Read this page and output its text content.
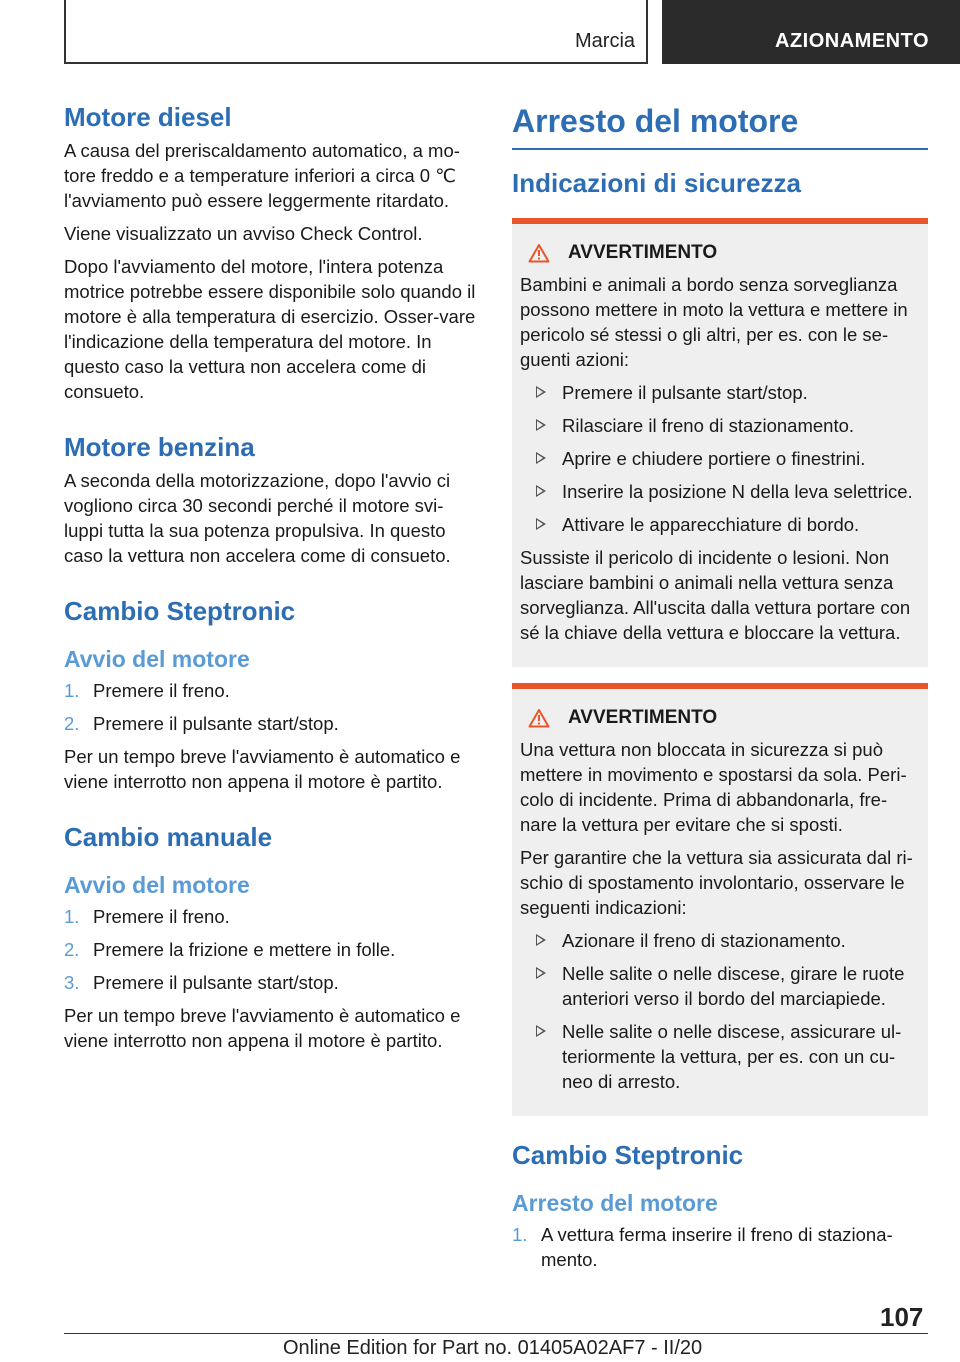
Marcia	AZIONAMENTO
Motore diesel

A causa del preriscaldamento automatico, a mo-tore freddo e a temperature inferiori a circa 0 ℃ l'avviamento può essere leggermente ritardato.

Viene visualizzato un avviso Check Control.

Dopo l'avviamento del motore, l'intera potenza motrice potrebbe essere disponibile solo quando il motore è alla temperatura di esercizio. Osser-vare l'indicazione della temperatura del motore. In questo caso la vettura non accelera come di consueto.

Motore benzina

A seconda della motorizzazione, dopo l'avvio ci vogliono circa 30 secondi perché il motore svi-luppi tutta la sua potenza propulsiva. In questo caso la vettura non accelera come di consueto.

Cambio Steptronic
Avvio del motore
1. Premere il freno.
2. Premere il pulsante start/stop.

Per un tempo breve l'avviamento è automatico e viene interrotto non appena il motore è partito.

Cambio manuale
Avvio del motore
1. Premere il freno.
2. Premere la frizione e mettere in folle.
3. Premere il pulsante start/stop.

Per un tempo breve l'avviamento è automatico e viene interrotto non appena il motore è partito.

Arresto del motore
Indicazioni di sicurezza
AVVERTIMENTO

Bambini e animali a bordo senza sorveglianza possono mettere in moto la vettura e mettere in pericolo sé stessi o gli altri, per es. con le se-guenti azioni:

Premere il pulsante start/stop.
Rilasciare il freno di stazionamento.
Aprire e chiudere portiere o finestrini.
Inserire la posizione N della leva selettrice.
Attivare le apparecchiature di bordo.

Sussiste il pericolo di incidente o lesioni. Non lasciare bambini o animali nella vettura senza sorveglianza. All'uscita dalla vettura portare con sé la chiave della vettura e bloccare la vettura.

AVVERTIMENTO

Una vettura non bloccata in sicurezza si può mettere in movimento e spostarsi da sola. Peri-colo di incidente. Prima di abbandonarla, fre-nare la vettura per evitare che si sposti.

Per garantire che la vettura sia assicurata dal ri-schio di spostamento involontario, osservare le seguenti indicazioni:

Azionare il freno di stazionamento.
Nelle salite o nelle discese, girare le ruote anteriori verso il bordo del marciapiede.
Nelle salite o nelle discese, assicurare ul-teriormente la vettura, per es. con un cu-neo di arresto.
Cambio Steptronic
Arresto del motore
1. A vettura ferma inserire il freno di staziona-mento.
107
Online Edition for Part no. 01405A02AF7 - II/20
